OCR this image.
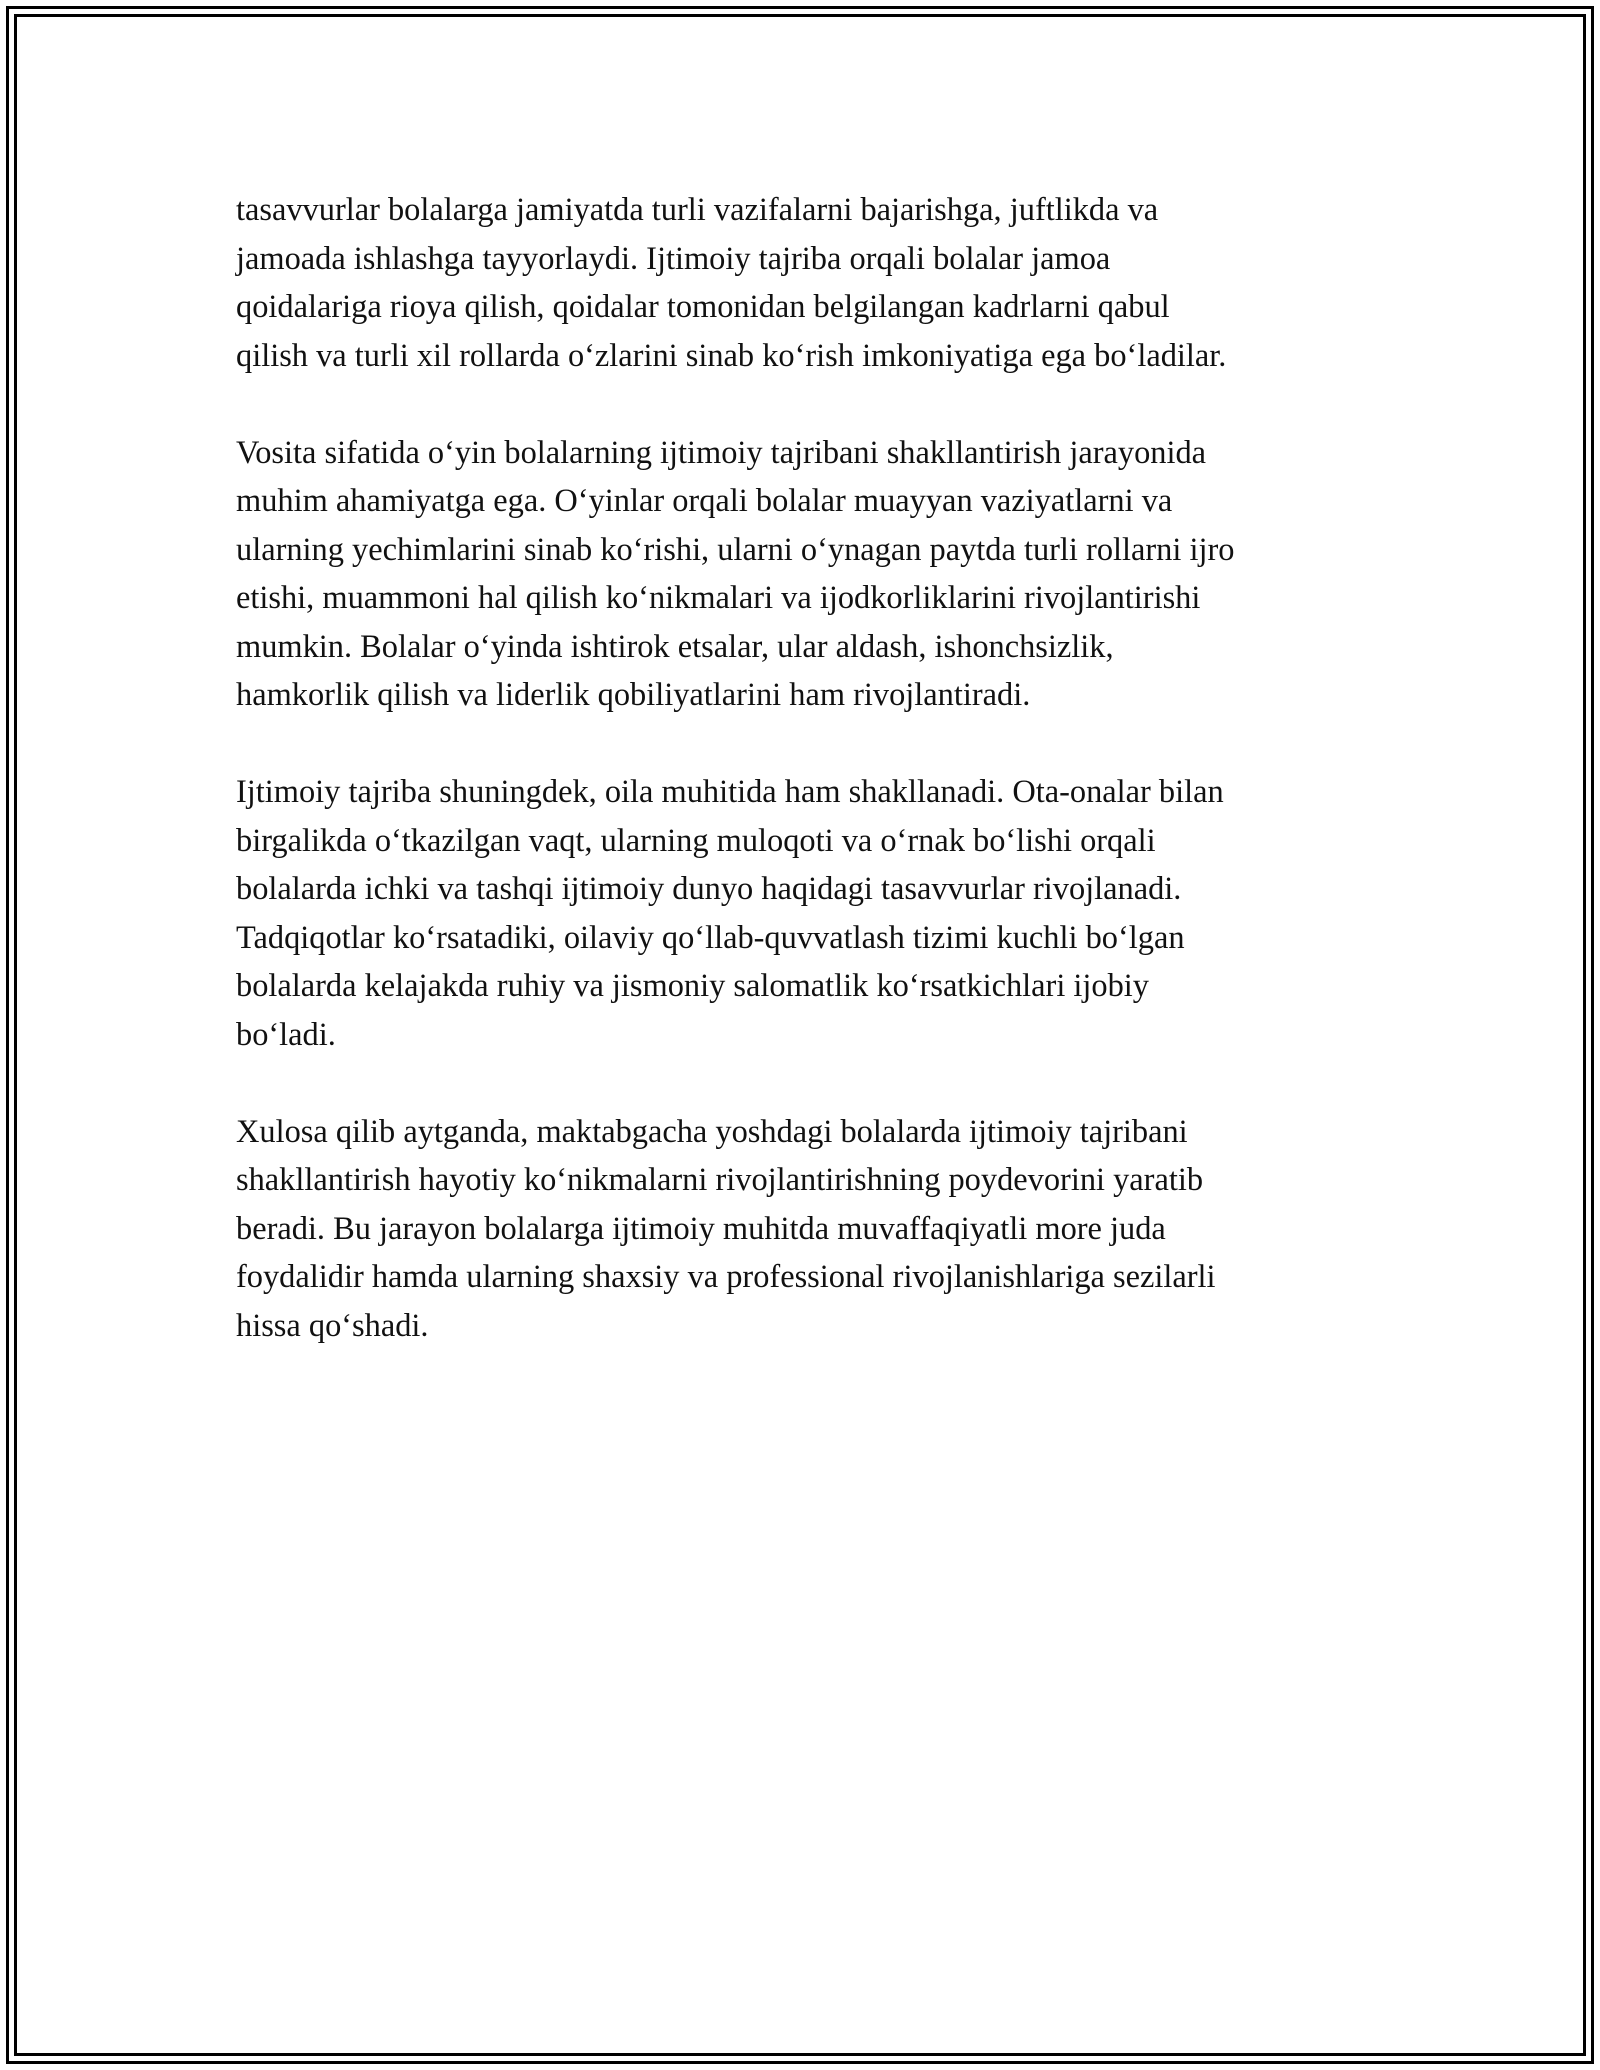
tasavvurlar bolalarga jamiyatda turli vazifalarni bajarishga, juftlikda va
jamoada ishlashga tayyorlaydi. Ijtimoiy tajriba orqali bolalar jamoa
qoidalariga rioya qilish, qoidalar tomonidan belgilangan kadrlarni qabul
qilish va turli xil rollarda o‘zlarini sinab ko‘rish imkoniyatiga ega bo‘ladilar.

Vosita sifatida o‘yin bolalarning ijtimoiy tajribani shakllantirish jarayonida
muhim ahamiyatga ega. O‘yinlar orqali bolalar muayyan vaziyatlarni va
ularning yechimlarini sinab ko‘rishi, ularni o‘ynagan paytda turli rollarni ijro
etishi, muammoni hal qilish ko‘nikmalari va ijodkorliklarini rivojlantirishi
mumkin. Bolalar o‘yinda ishtirok etsalar, ular aldash, ishonchsizlik,
hamkorlik qilish va liderlik qobiliyatlarini ham rivojlantiradi.

Ijtimoiy tajriba shuningdek, oila muhitida ham shakllanadi. Ota-onalar bilan
birgalikda o‘tkazilgan vaqt, ularning muloqoti va o‘rnak bo‘lishi orqali
bolalarda ichki va tashqi ijtimoiy dunyo haqidagi tasavvurlar rivojlanadi.
Tadqiqotlar ko‘rsatadiki, oilaviy qo‘llab-quvvatlash tizimi kuchli bo‘lgan
bolalarda kelajakda ruhiy va jismoniy salomatlik ko‘rsatkichlari ijobiy
bo‘ladi.

Xulosa qilib aytganda, maktabgacha yoshdagi bolalarda ijtimoiy tajribani
shakllantirish hayotiy ko‘nikmalarni rivojlantirishning poydevorini yaratib
beradi. Bu jarayon bolalarga ijtimoiy muhitda muvaffaqiyatli more juda
foydalidir hamda ularning shaxsiy va professional rivojlanishlariga sezilarli
hissa qo‘shadi.
